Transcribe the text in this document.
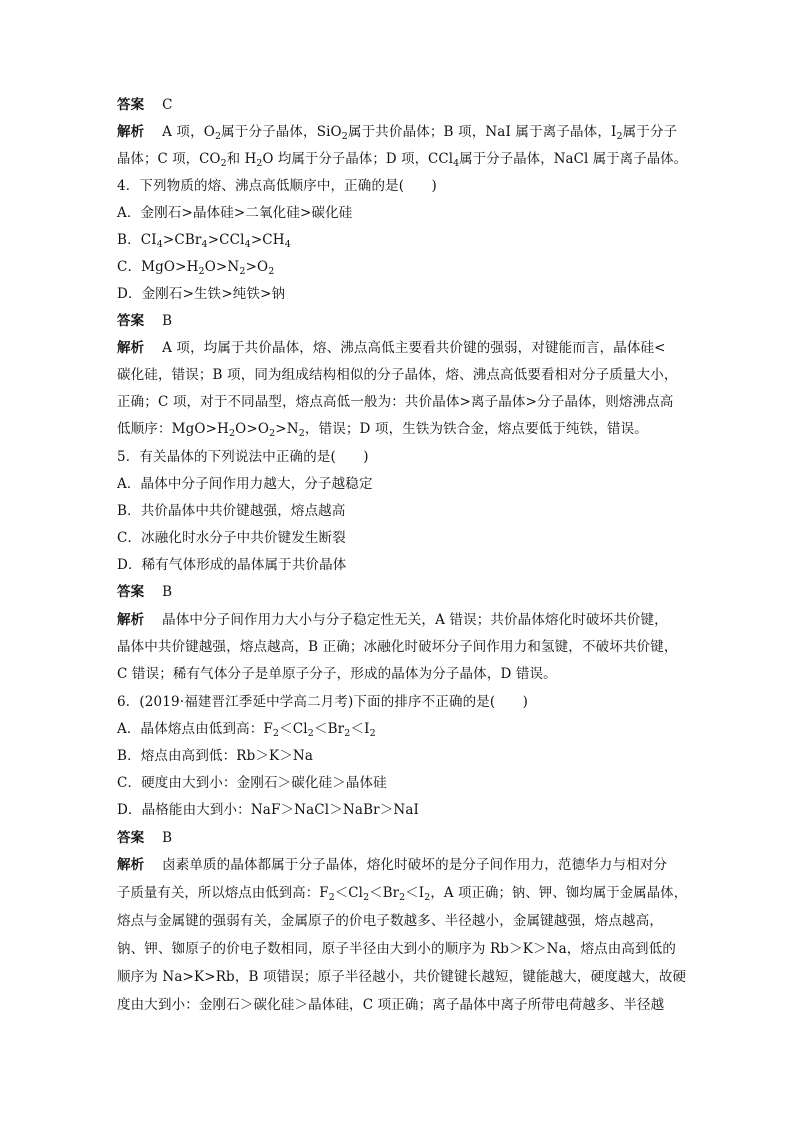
答案 C
解析 A 项，$O_2$属于分子晶体，SiO$_2$属于共价晶体；B 项，NaI 属于离子晶体，$I_2$属于分子
晶体；C 项，$CO_2$和 $H_2O$ 均属于分子晶体；D 项，CCl$_4$属于分子晶体，NaCl 属于离子晶体。
4．下列物质的熔、沸点高低顺序中，正确的是(　　)
A．金刚石>晶体硅>二氧化硅>碳化硅
B．$CI_4>CBr_4>CCl_4>CH_4$
C．$MgO>H_2O>N_2>O_2$
D．金刚石>生铁>纯铁>钠
答案 B
解析 A 项，均属于共价晶体，熔、沸点高低主要看共价键的强弱，对键能而言，晶体硅<
碳化硅，错误；B 项，同为组成结构相似的分子晶体，熔、沸点高低要看相对分子质量大小，
正确；C 项，对于不同晶型，熔点高低一般为：共价晶体>离子晶体>分子晶体，则熔沸点高
低顺序：$MgO>H_2O>O_2>N_2$，错误；D 项，生铁为铁合金，熔点要低于纯铁，错误。
5．有关晶体的下列说法中正确的是(　　)
A．晶体中分子间作用力越大，分子越稳定
B．共价晶体中共价键越强，熔点越高
C．冰融化时水分子中共价键发生断裂
D．稀有气体形成的晶体属于共价晶体
答案 B
解析 晶体中分子间作用力大小与分子稳定性无关，A 错误；共价晶体熔化时破坏共价键，
晶体中共价键越强，熔点越高，B 正确；冰融化时破坏分子间作用力和氢键，不破坏共价键，
C 错误；稀有气体分子是单原子分子，形成的晶体为分子晶体，D 错误。
6．(2019·福建晋江季延中学高二月考)下面的排序不正确的是(　　)
A．晶体熔点由低到高：$F_2<Cl_2<Br_2<I_2$
B．熔点由高到低：Rb＞K＞Na
C．硬度由大到小：金刚石＞碳化硅＞晶体硅
D．晶格能由大到小：NaF＞NaCl＞NaBr＞NaI
答案 B
解析 卤素单质的晶体都属于分子晶体，熔化时破坏的是分子间作用力，范德华力与相对分
子质量有关，所以熔点由低到高：$F_2<Cl_2<Br_2<I_2$，A 项正确；钠、钾、铷均属于金属晶体，
熔点与金属键的强弱有关，金属原子的价电子数越多、半径越小，金属键越强，熔点越高，
钠、钾、铷原子的价电子数相同，原子半径由大到小的顺序为 Rb＞K＞Na，熔点由高到低的
顺序为 Na>K>Rb，B 项错误；原子半径越小，共价键键长越短，键能越大，硬度越大，故硬
度由大到小：金刚石＞碳化硅＞晶体硅，C 项正确；离子晶体中离子所带电荷越多、半径越
